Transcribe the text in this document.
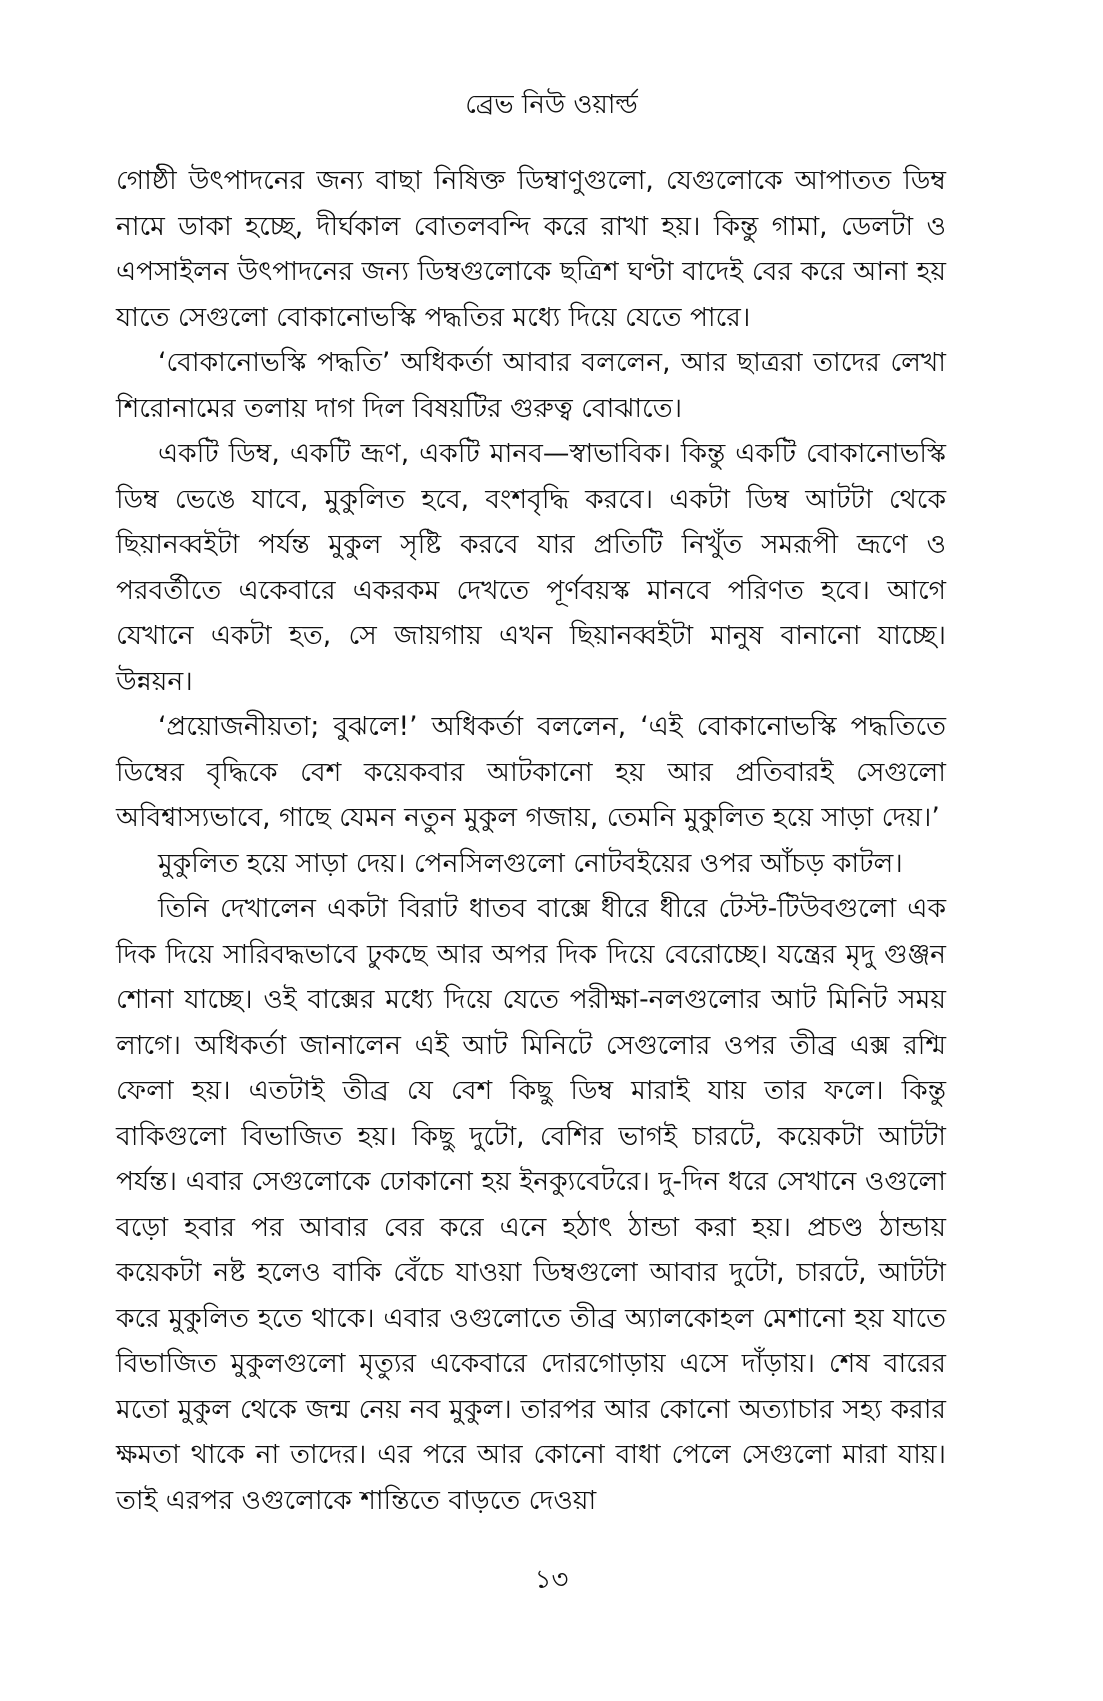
ব্রেভ নিউ ওয়ার্ল্ড

গোষ্ঠী উৎপাদনের জন্য বাছা নিষিক্ত ডিম্বাণুগুলো, যেগুলোকে আপাতত ডিম্ব নামে ডাকা হচ্ছে, দীর্ঘকাল বোতলবন্দি করে রাখা হয়। কিন্তু গামা, ডেলটা ও এপসাইলন উৎপাদনের জন্য ডিম্বগুলোকে ছত্রিশ ঘণ্টা বাদেই বের করে আনা হয় যাতে সেগুলো বোকানোভস্কি পদ্ধতির মধ্যে দিয়ে যেতে পারে।

‘বোকানোভস্কি পদ্ধতি’ অধিকর্তা আবার বললেন, আর ছাত্ররা তাদের লেখা শিরোনামের তলায় দাগ দিল বিষয়টির গুরুত্ব বোঝাতে।

একটি ডিম্ব, একটি ভ্রূণ, একটি মানব—স্বাভাবিক। কিন্তু একটি বোকানোভস্কি ডিম্ব ভেঙে যাবে, মুকুলিত হবে, বংশবৃদ্ধি করবে। একটা ডিম্ব আটটা থেকে ছিয়ানব্বইটা পর্যন্ত মুকুল সৃষ্টি করবে যার প্রতিটি নিখুঁত সমরূপী ভ্রূণে ও পরবর্তীতে একেবারে একরকম দেখতে পূর্ণবয়স্ক মানবে পরিণত হবে। আগে যেখানে একটা হত, সে জায়গায় এখন ছিয়ানব্বইটা মানুষ বানানো যাচ্ছে। উন্নয়ন।

‘প্রয়োজনীয়তা; বুঝলে!’ অধিকর্তা বললেন, ‘এই বোকানোভস্কি পদ্ধতিতে ডিম্বের বৃদ্ধিকে বেশ কয়েকবার আটকানো হয় আর প্রতিবারই সেগুলো অবিশ্বাস্যভাবে, গাছে যেমন নতুন মুকুল গজায়, তেমনি মুকুলিত হয়ে সাড়া দেয়।’

মুকুলিত হয়ে সাড়া দেয়। পেনসিলগুলো নোটবইয়ের ওপর আঁচড় কাটল।

তিনি দেখালেন একটা বিরাট ধাতব বাক্সে ধীরে ধীরে টেস্ট-টিউবগুলো এক দিক দিয়ে সারিবদ্ধভাবে ঢুকছে আর অপর দিক দিয়ে বেরোচ্ছে। যন্ত্রের মৃদু গুঞ্জন শোনা যাচ্ছে। ওই বাক্সের মধ্যে দিয়ে যেতে পরীক্ষা-নলগুলোর আট মিনিট সময় লাগে। অধিকর্তা জানালেন এই আট মিনিটে সেগুলোর ওপর তীব্র এক্স রশ্মি ফেলা হয়। এতটাই তীব্র যে বেশ কিছু ডিম্ব মারাই যায় তার ফলে। কিন্তু বাকিগুলো বিভাজিত হয়। কিছু দুটো, বেশির ভাগই চারটে, কয়েকটা আটটা পর্যন্ত। এবার সেগুলোকে ঢোকানো হয় ইনক্যুবেটরে। দু-দিন ধরে সেখানে ওগুলো বড়ো হবার পর আবার বের করে এনে হঠাৎ ঠান্ডা করা হয়। প্রচণ্ড ঠান্ডায় কয়েকটা নষ্ট হলেও বাকি বেঁচে যাওয়া ডিম্বগুলো আবার দুটো, চারটে, আটটা করে মুকুলিত হতে থাকে। এবার ওগুলোতে তীব্র অ্যালকোহল মেশানো হয় যাতে বিভাজিত মুকুলগুলো মৃত্যুর একেবারে দোরগোড়ায় এসে দাঁড়ায়। শেষ বারের মতো মুকুল থেকে জন্ম নেয় নব মুকুল। তারপর আর কোনো অত্যাচার সহ্য করার ক্ষমতা থাকে না তাদের। এর পরে আর কোনো বাধা পেলে সেগুলো মারা যায়। তাই এরপর ওগুলোকে শান্তিতে বাড়তে দেওয়া

১৩
